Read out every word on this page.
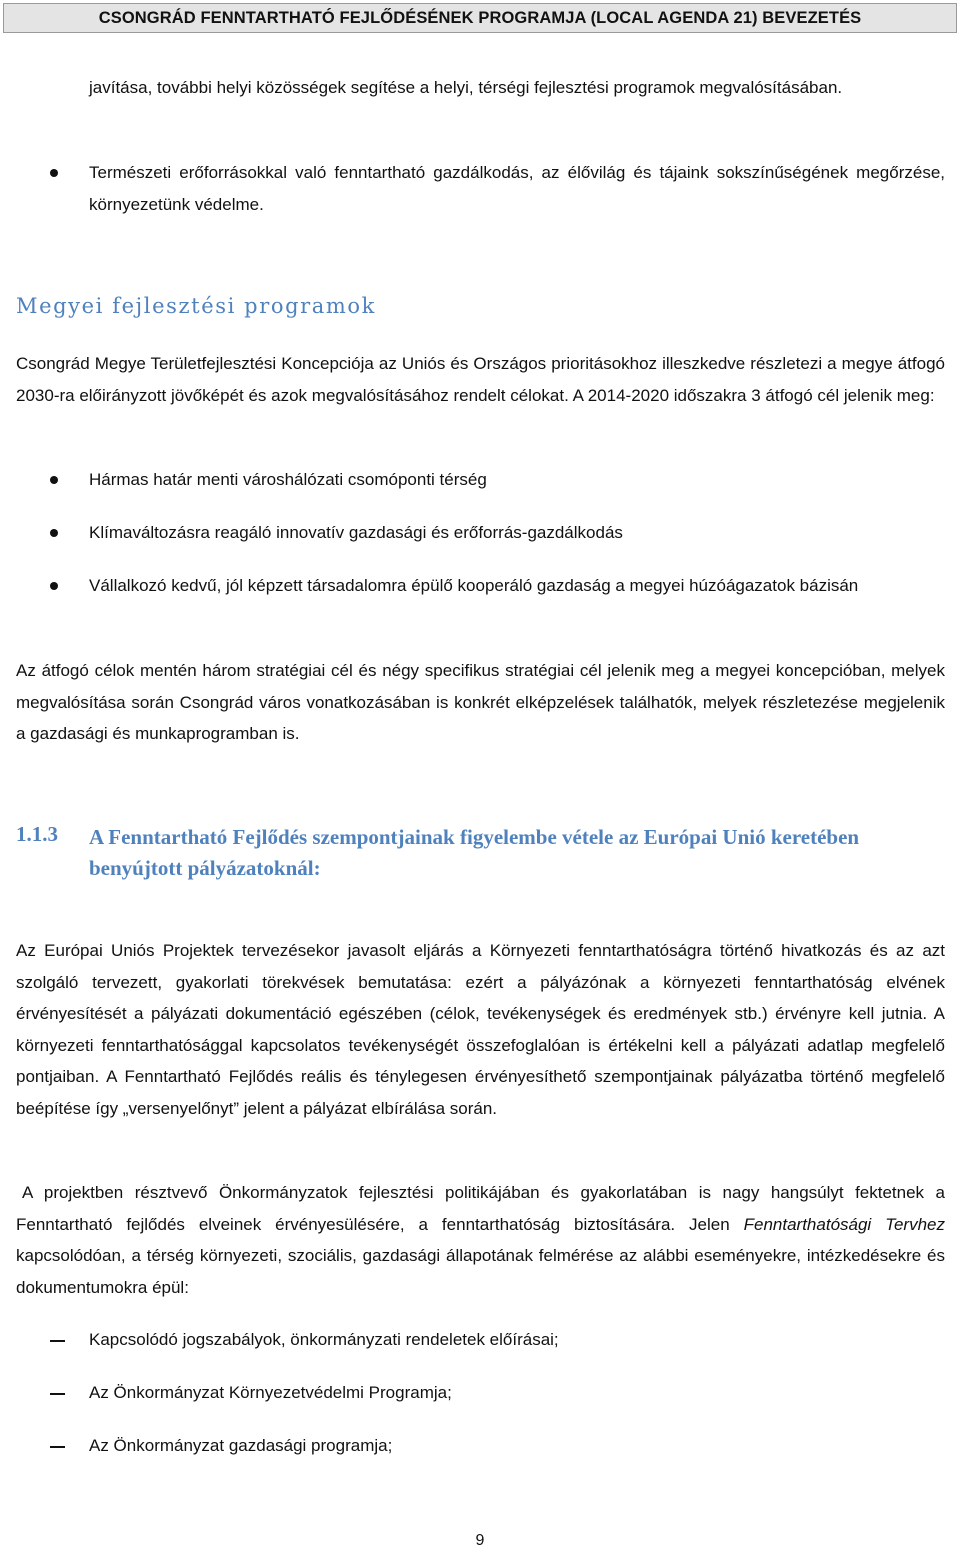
CSONGRÁD FENNTARTHATÓ FEJLŐDÉSÉNEK PROGRAMJA (LOCAL AGENDA 21) BEVEZETÉS

javítása, további helyi közösségek segítése a helyi, térségi fejlesztési programok megvalósításában.

Természeti erőforrásokkal való fenntartható gazdálkodás, az élővilág és tájaink sokszínűségének megőrzése, környezetünk védelme.

Megyei fejlesztési programok

Csongrád Megye Területfejlesztési Koncepciója az Uniós és Országos prioritásokhoz illeszkedve részletezi a megye átfogó 2030-ra előirányzott jövőképét és azok megvalósításához rendelt célokat. A 2014-2020 időszakra 3 átfogó cél jelenik meg:

Hármas határ menti városhálózati csomóponti térség

Klímaváltozásra reagáló innovatív gazdasági és erőforrás-gazdálkodás

Vállalkozó kedvű, jól képzett társadalomra épülő kooperáló gazdaság a megyei húzóágazatok bázisán

Az átfogó célok mentén három stratégiai cél és négy specifikus stratégiai cél jelenik meg a megyei koncepcióban, melyek megvalósítása során Csongrád város vonatkozásában is konkrét elképzelések találhatók, melyek részletezése megjelenik a gazdasági és munkaprogramban is.

1.1.3 A Fenntartható Fejlődés szempontjainak figyelembe vétele az Európai Unió keretében benyújtott pályázatoknál:

Az Európai Uniós Projektek tervezésekor javasolt eljárás a Környezeti fenntarthatóságra történő hivatkozás és az azt szolgáló tervezett, gyakorlati törekvések bemutatása: ezért a pályázónak a környezeti fenntarthatóság elvének érvényesítését a pályázati dokumentáció egészében (célok, tevékenységek és eredmények stb.) érvényre kell jutnia. A környezeti fenntarthatósággal kapcsolatos tevékenységét összefoglalóan is értékelni kell a pályázati adatlap megfelelő pontjaiban. A Fenntartható Fejlődés reális és ténylegesen érvényesíthető szempontjainak pályázatba történő megfelelő beépítése így „versenyelőnyt” jelent a pályázat elbírálása során.

A projektben résztvevő Önkormányzatok fejlesztési politikájában és gyakorlatában is nagy hangsúlyt fektetnek a Fenntartható fejlődés elveinek érvényesülésére, a fenntarthatóság biztosítására. Jelen Fenntarthatósági Tervhez kapcsolódóan, a térség környezeti, szociális, gazdasági állapotának felmérése az alábbi eseményekre, intézkedésekre és dokumentumokra épül:

Kapcsolódó jogszabályok, önkormányzati rendeletek előírásai;

Az Önkormányzat Környezetvédelmi Programja;

Az Önkormányzat gazdasági programja;

9
